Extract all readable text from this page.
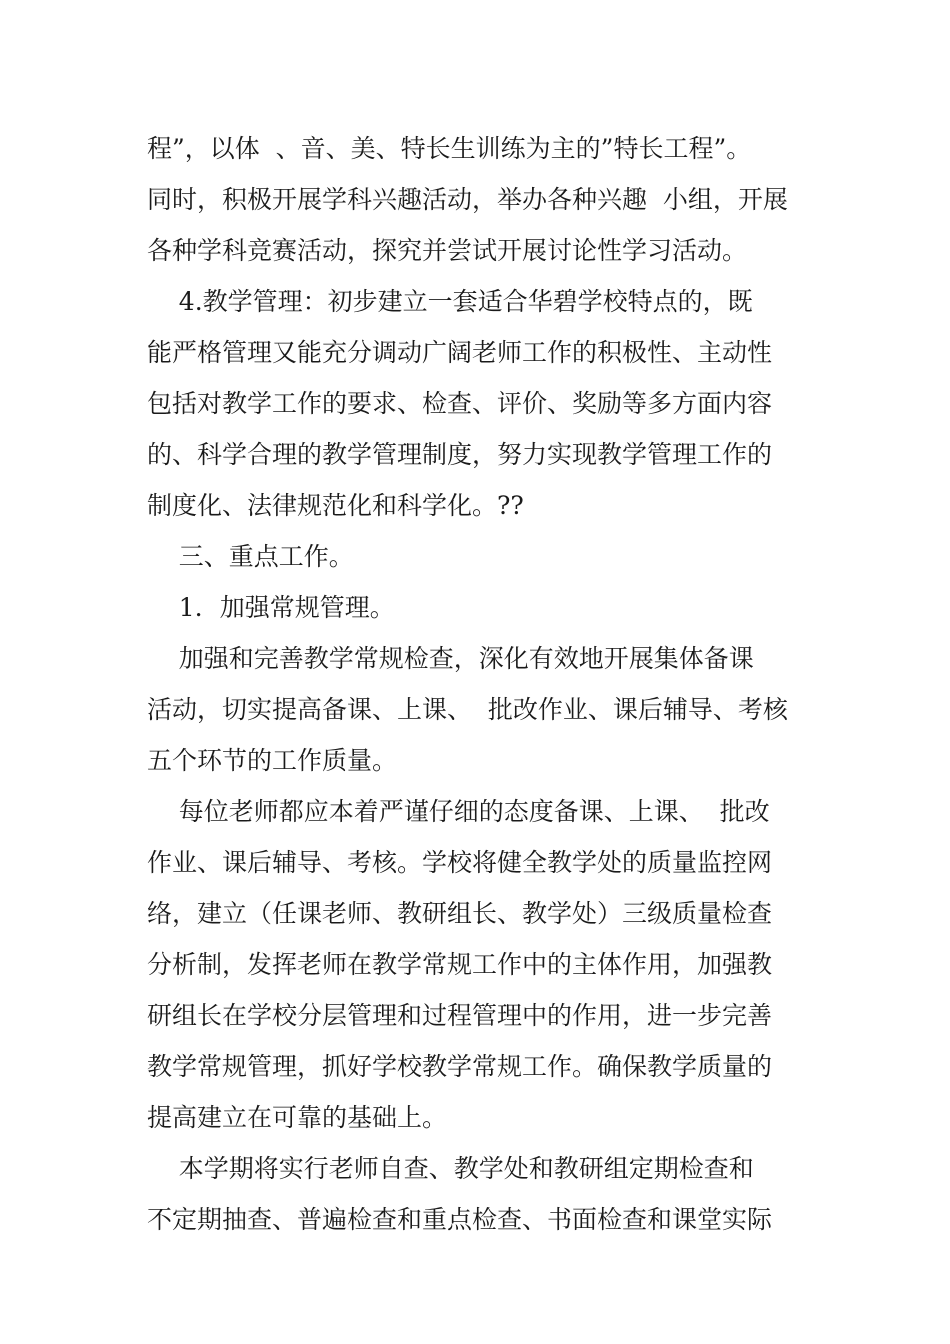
程”，以体  、音、美、特长生训练为主的”特长工程”。
同时，积极开展学科兴趣活动，举办各种兴趣  小组，开展
各种学科竞赛活动，探究并尝试开展讨论性学习活动。
4.教学管理：初步建立一套适合华碧学校特点的，既
能严格管理又能充分调动广阔老师工作的积极性、主动性
包括对教学工作的要求、检查、评价、奖励等多方面内容
的、科学合理的教学管理制度，努力实现教学管理工作的
制度化、法律规范化和科学化。??
三、重点工作。
1．加强常规管理。
加强和完善教学常规检查，深化有效地开展集体备课
活动，切实提高备课、上课、  批改作业、课后辅导、考核
五个环节的工作质量。
每位老师都应本着严谨仔细的态度备课、上课、  批改
作业、课后辅导、考核。学校将健全教学处的质量监控网
络，建立（任课老师、教研组长、教学处）三级质量检查
分析制，发挥老师在教学常规工作中的主体作用，加强教
研组长在学校分层管理和过程管理中的作用，进一步完善
教学常规管理，抓好学校教学常规工作。确保教学质量的
提高建立在可靠的基础上。
本学期将实行老师自查、教学处和教研组定期检查和
不定期抽查、普遍检查和重点检查、书面检查和课堂实际
